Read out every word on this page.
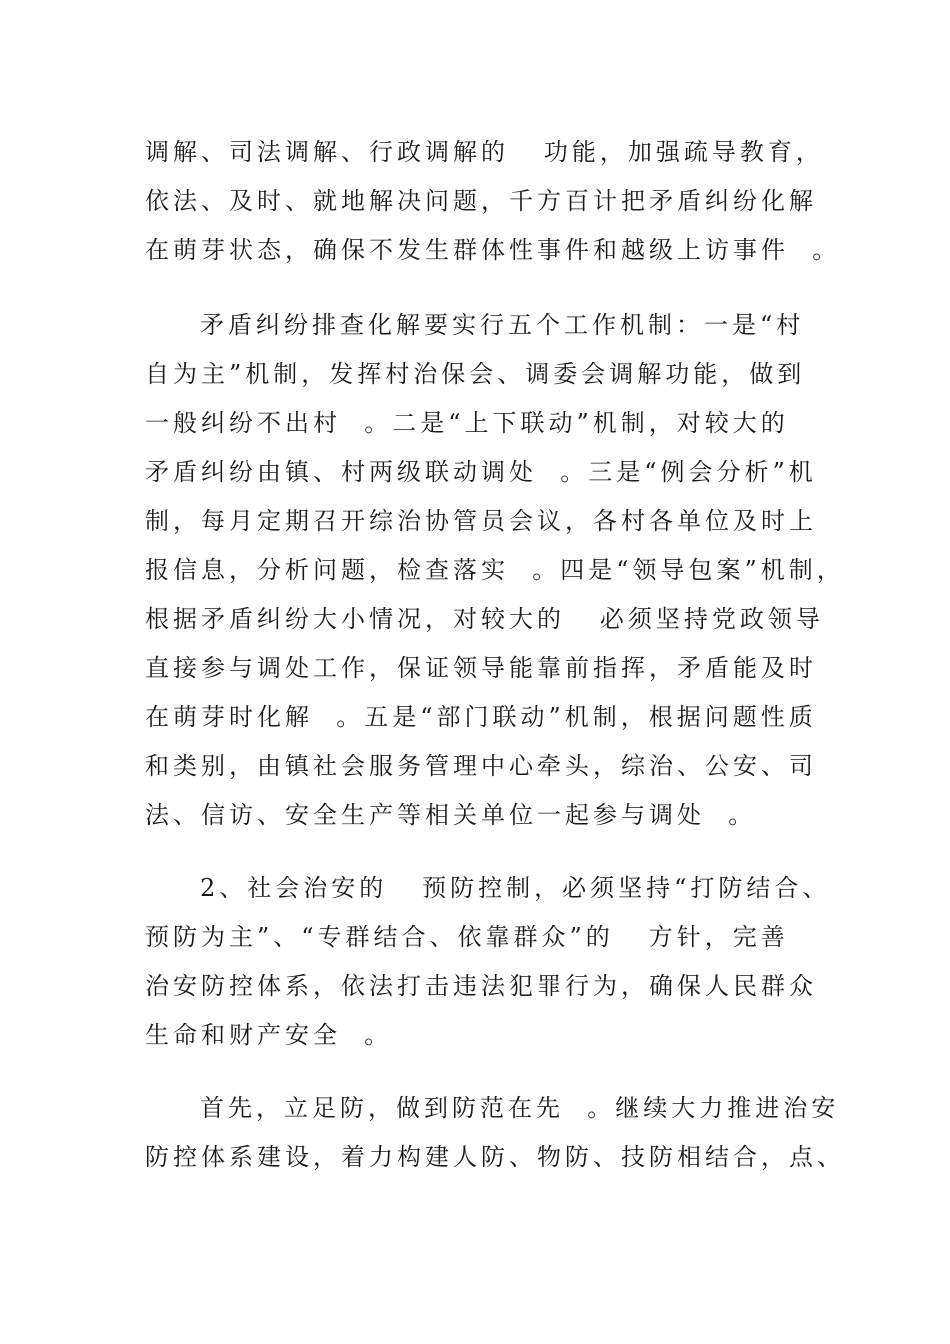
调解、司法调解、行政调解的   功能，加强疏导教育，
依法、及时、就地解决问题，千方百计把矛盾纠纷化解
在萌芽状态，确保不发生群体性事件和越级上访事件  。
矛盾纠纷排查化解要实行五个工作机制：一是“村
自为主”机制，发挥村治保会、调委会调解功能，做到
一般纠纷不出村  。二是“上下联动”机制，对较大的
矛盾纠纷由镇、村两级联动调处  。三是“例会分析”机
制，每月定期召开综治协管员会议，各村各单位及时上
报信息，分析问题，检查落实  。四是“领导包案”机制，
根据矛盾纠纷大小情况，对较大的   必须坚持党政领导
直接参与调处工作，保证领导能靠前指挥，矛盾能及时
在萌芽时化解  。五是“部门联动”机制，根据问题性质
和类别，由镇社会服务管理中心牵头，综治、公安、司
法、信访、安全生产等相关单位一起参与调处  。
2、社会治安的   预防控制，必须坚持“打防结合、
预防为主”、“专群结合、依靠群众”的   方针，完善
治安防控体系，依法打击违法犯罪行为，确保人民群众
生命和财产安全  。
首先，立足防，做到防范在先  。继续大力推进治安
防控体系建设，着力构建人防、物防、技防相结合，点、
